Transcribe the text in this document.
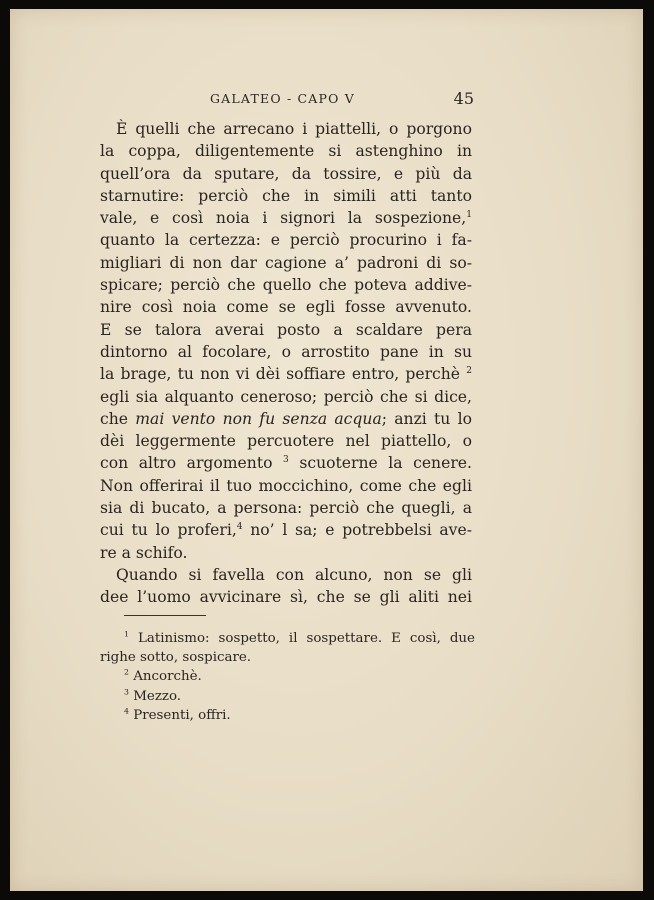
GALATEO - CAPO V	45
È quelli che arrecano i piattelli, o porgono
la coppa, diligentemente si astenghino in
quell’ora da sputare, da tossire, e più da
starnutire: perciò che in simili atti tanto
vale, e così noia i signori la sospezione,$^1$
quanto la certezza: e perciò procurino i fa-
migliari di non dar cagione a’ padroni di so-
spicare; perciò che quello che poteva addive-
nire così noia come se egli fosse avvenuto.
E se talora averai posto a scaldare pera
dintorno al focolare, o arrostito pane in su
la brage, tu non vi dèi soffiare entro, perchè $^2$
egli sia alquanto ceneroso; perciò che si dice,
che mai vento non fu senza acqua; anzi tu lo
dèi leggermente percuotere nel piattello, o
con altro argomento $^3$ scuoterne la cenere.
Non offerirai il tuo moccichino, come che egli
sia di bucato, a persona: perciò che quegli, a
cui tu lo proferi,$^4$ no’ l sa; e potrebbelsi ave-
re a schifo.
Quando si favella con alcuno, non se gli
dee l’uomo avvicinare sì, che se gli aliti nei
$^1$ Latinismo: sospetto, il sospettare. E così, due
righe sotto, sospicare.
$^2$ Ancorchè.
$^3$ Mezzo.
$^4$ Presenti, offri.
